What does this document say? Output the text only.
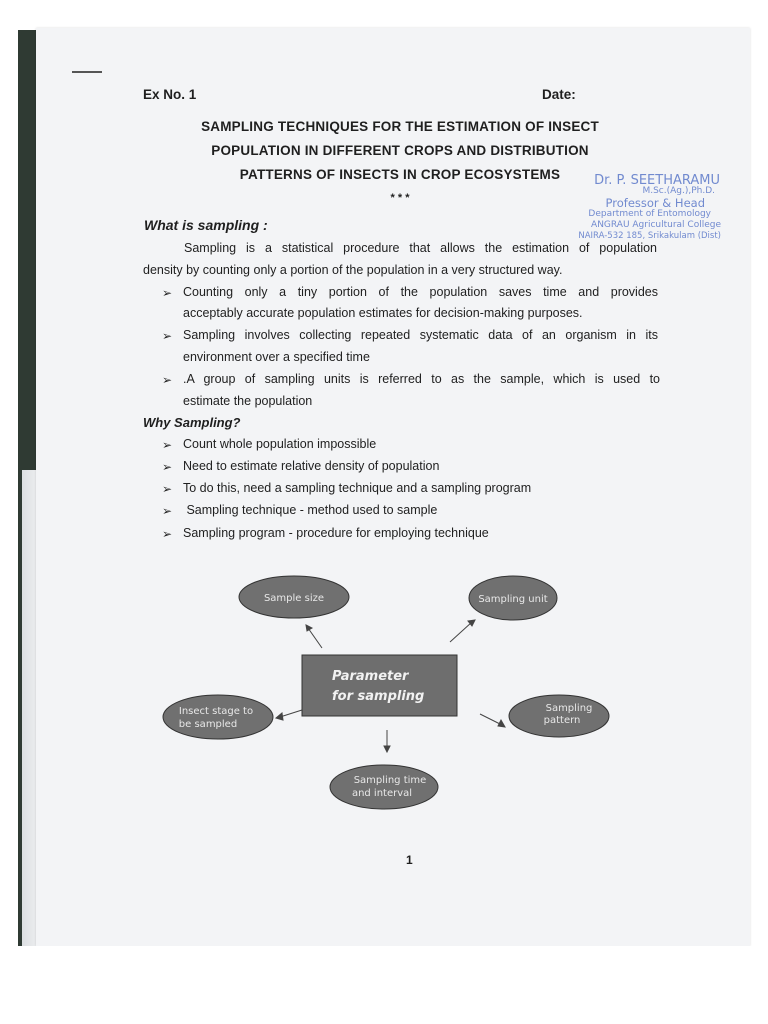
Ex No. 1	Date:
SAMPLING TECHNIQUES FOR THE ESTIMATION OF INSECT
POPULATION IN DIFFERENT CROPS AND DISTRIBUTION
PATTERNS OF INSECTS IN CROP ECOSYSTEMS
* * *
Dr. P. SEETHARAMU
M.Sc.(Ag.),Ph.D.
Professor & Head
Department of Entomology
ANGRAU Agricultural College
NAIRA-532 185, Srikakulam (Dist)
What is sampling :
Sampling is a statistical procedure that allows the estimation of population
density by counting only a portion of the population in a very structured way.
➢ Counting only a tiny portion of the population saves time and provides
acceptably accurate population estimates for decision-making purposes.
➢ Sampling involves collecting repeated systematic data of an organism in its
environment over a specified time
➢ .A group of sampling units is referred to as the sample, which is used to
estimate the population
Why Sampling?
➢ Count whole population impossible
➢ Need to estimate relative density of population
➢ To do this, need a sampling technique and a sampling program
➢ Sampling technique - method used to sample
➢ Sampling program - procedure for employing technique
Parameter
for sampling
Sample size	Sampling unit
Insect stage to
be sampled
Sampling
pattern
Sampling time
and interval
1
